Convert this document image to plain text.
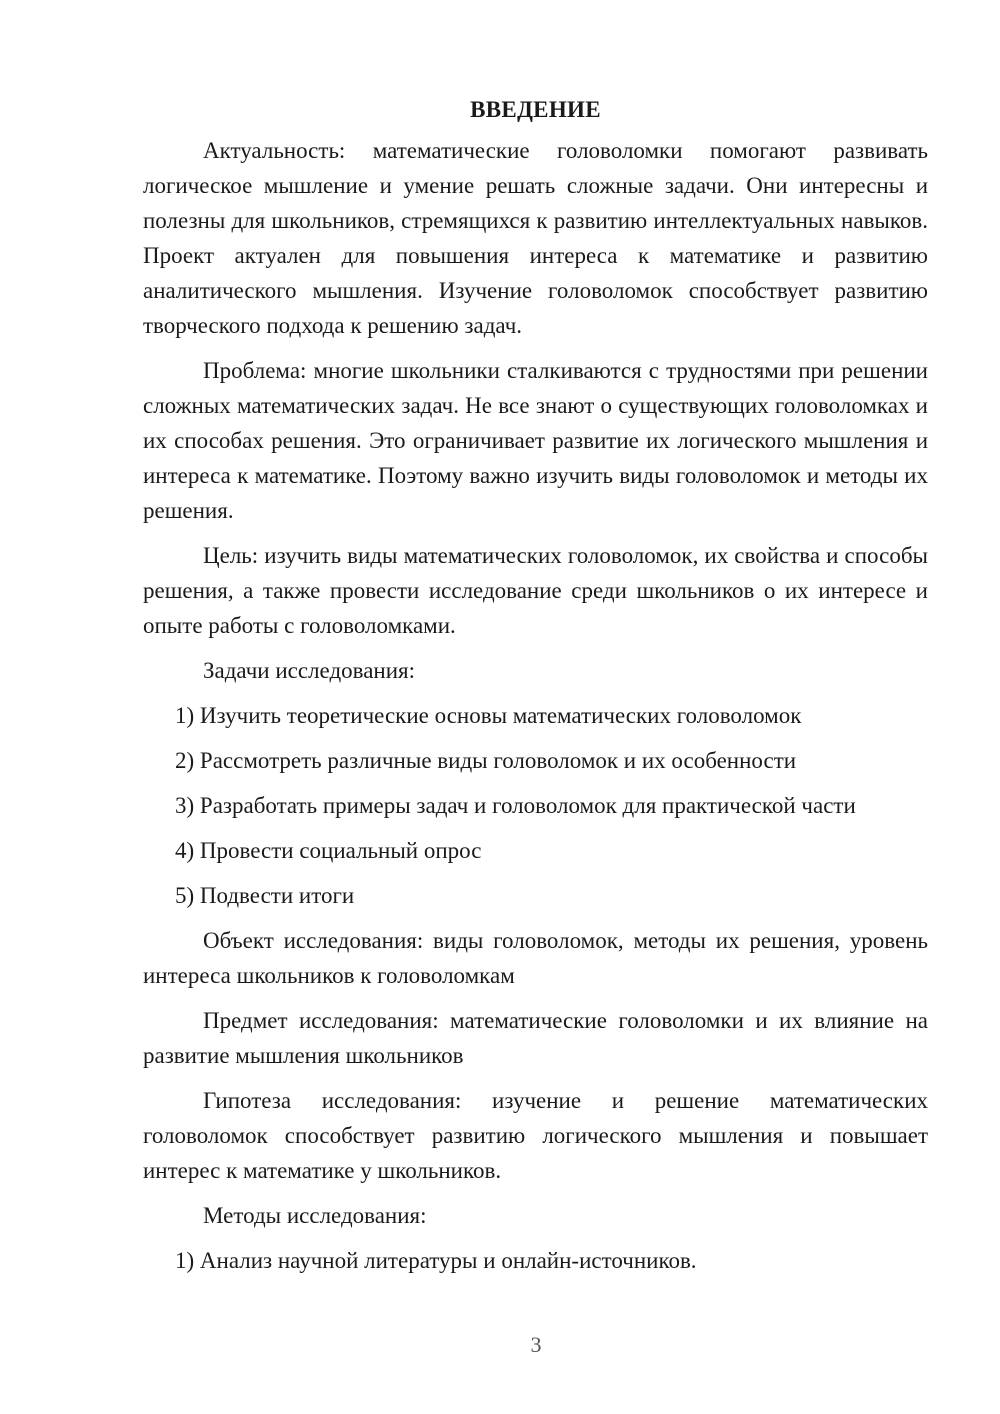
ВВЕДЕНИЕ

Актуальность: математические головоломки помогают развивать логическое мышление и умение решать сложные задачи. Они интересны и полезны для школьников, стремящихся к развитию интеллектуальных навыков. Проект актуален для повышения интереса к математике и развитию аналитического мышления. Изучение головоломок способствует развитию творческого подхода к решению задач.

Проблема: многие школьники сталкиваются с трудностями при решении сложных математических задач. Не все знают о существующих головоломках и их способах решения. Это ограничивает развитие их логического мышления и интереса к математике. Поэтому важно изучить виды головоломок и методы их решения.

Цель: изучить виды математических головоломок, их свойства и способы решения, а также провести исследование среди школьников о их интересе и опыте работы с головоломками.

Задачи исследования:

1) Изучить теоретические основы математических головоломок
2) Рассмотреть различные виды головоломок и их особенности
3) Разработать примеры задач и головоломок для практической части
4) Провести социальный опрос
5) Подвести итоги

Объект исследования: виды головоломок, методы их решения, уровень интереса школьников к головоломкам

Предмет исследования: математические головоломки и их влияние на развитие мышления школьников

Гипотеза исследования: изучение и решение математических головоломок способствует развитию логического мышления и повышает интерес к математике у школьников.

Методы исследования:

1) Анализ научной литературы и онлайн-источников.
3
